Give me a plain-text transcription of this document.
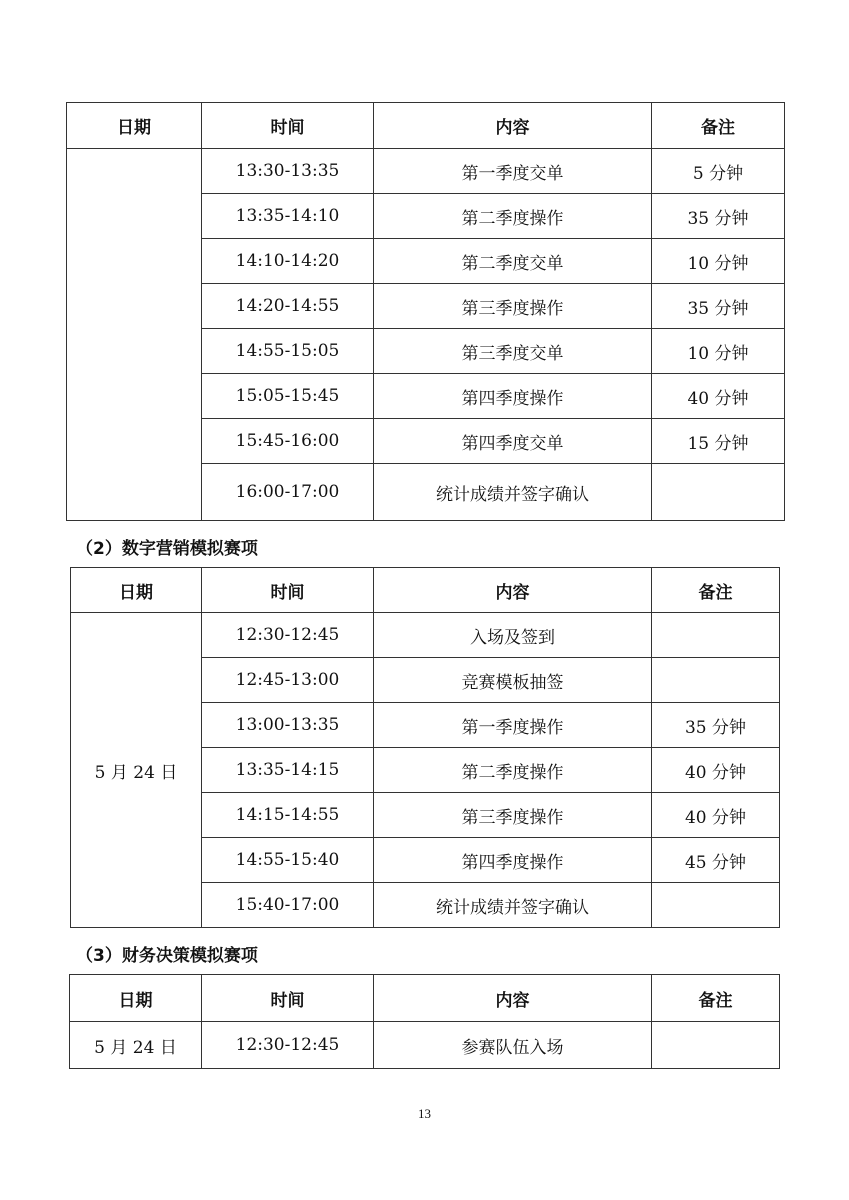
日期	时间	内容	备注
	13:30-13:35	第一季度交单	5 分钟
	13:35-14:10	第二季度操作	35 分钟
	14:10-14:20	第二季度交单	10 分钟
	14:20-14:55	第三季度操作	35 分钟
	14:55-15:05	第三季度交单	10 分钟
	15:05-15:45	第四季度操作	40 分钟
	15:45-16:00	第四季度交单	15 分钟
	16:00-17:00	统计成绩并签字确认	
（2）数字营销模拟赛项
日期	时间	内容	备注
5 月 24 日	12:30-12:45	入场及签到	
	12:45-13:00	竞赛模板抽签	
	13:00-13:35	第一季度操作	35 分钟
	13:35-14:15	第二季度操作	40 分钟
	14:15-14:55	第三季度操作	40 分钟
	14:55-15:40	第四季度操作	45 分钟
	15:40-17:00	统计成绩并签字确认	
（3）财务决策模拟赛项
日期	时间	内容	备注
5 月 24 日	12:30-12:45	参赛队伍入场	
13
